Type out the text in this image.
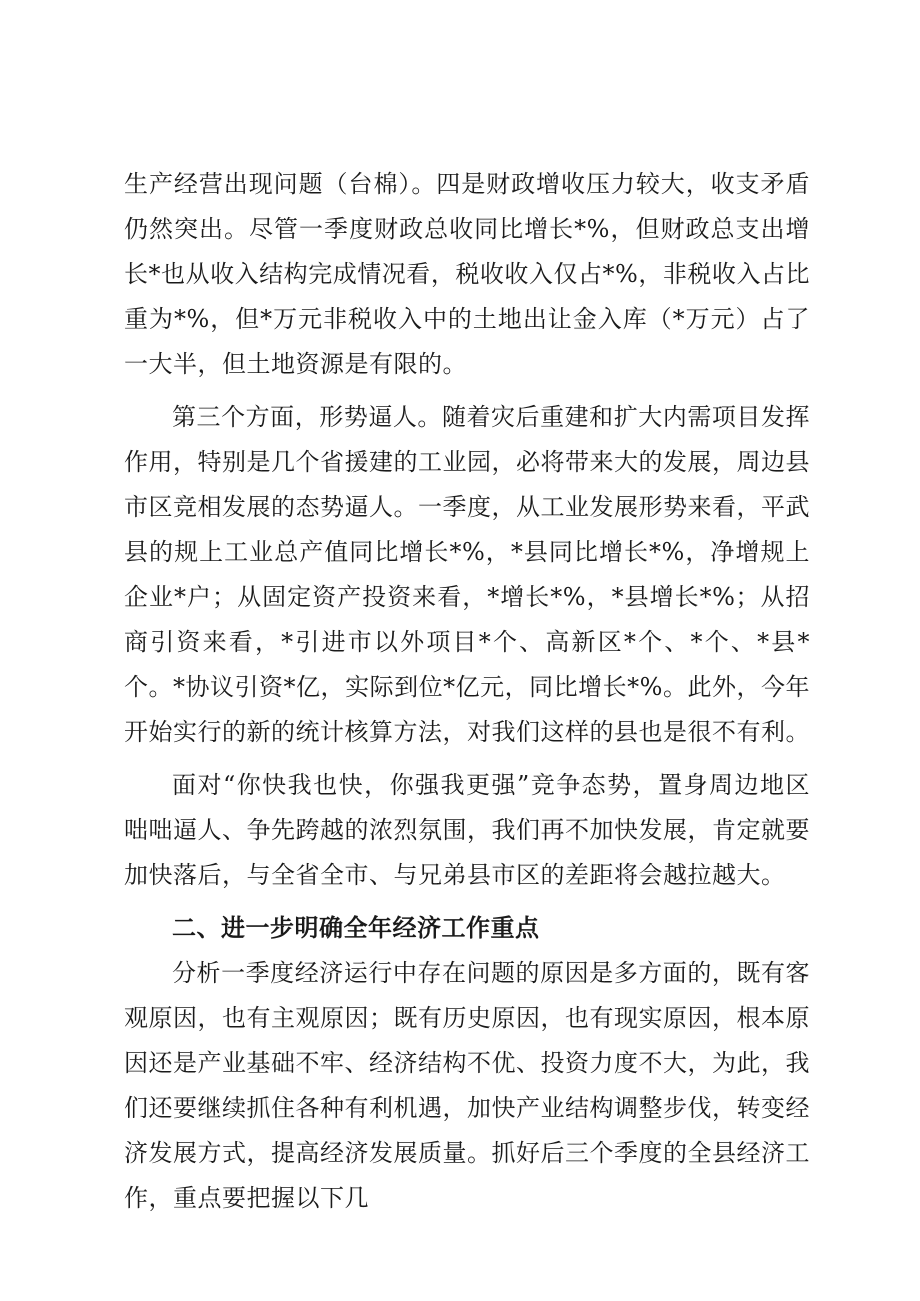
生产经营出现问题（台棉）。四是财政增收压力较大，收支矛盾仍然突出。尽管一季度财政总收同比增长*%，但财政总支出增长*也从收入结构完成情况看，税收收入仅占*%，非税收入占比重为*%，但*万元非税收入中的土地出让金入库（*万元）占了一大半，但土地资源是有限的。

第三个方面，形势逼人。随着灾后重建和扩大内需项目发挥作用，特别是几个省援建的工业园，必将带来大的发展，周边县市区竞相发展的态势逼人。一季度，从工业发展形势来看，平武县的规上工业总产值同比增长*%，*县同比增长*%，净增规上企业*户；从固定资产投资来看，*增长*%，*县增长*%；从招商引资来看，*引进市以外项目*个、高新区*个、*个、*县*个。*协议引资*亿，实际到位*亿元，同比增长*%。此外，今年开始实行的新的统计核算方法，对我们这样的县也是很不有利。

面对“你快我也快，你强我更强”竞争态势，置身周边地区咄咄逼人、争先跨越的浓烈氛围，我们再不加快发展，肯定就要加快落后，与全省全市、与兄弟县市区的差距将会越拉越大。

二、进一步明确全年经济工作重点

分析一季度经济运行中存在问题的原因是多方面的，既有客观原因，也有主观原因；既有历史原因，也有现实原因，根本原因还是产业基础不牢、经济结构不优、投资力度不大，为此，我们还要继续抓住各种有利机遇，加快产业结构调整步伐，转变经济发展方式，提高经济发展质量。抓好后三个季度的全县经济工作，重点要把握以下几
